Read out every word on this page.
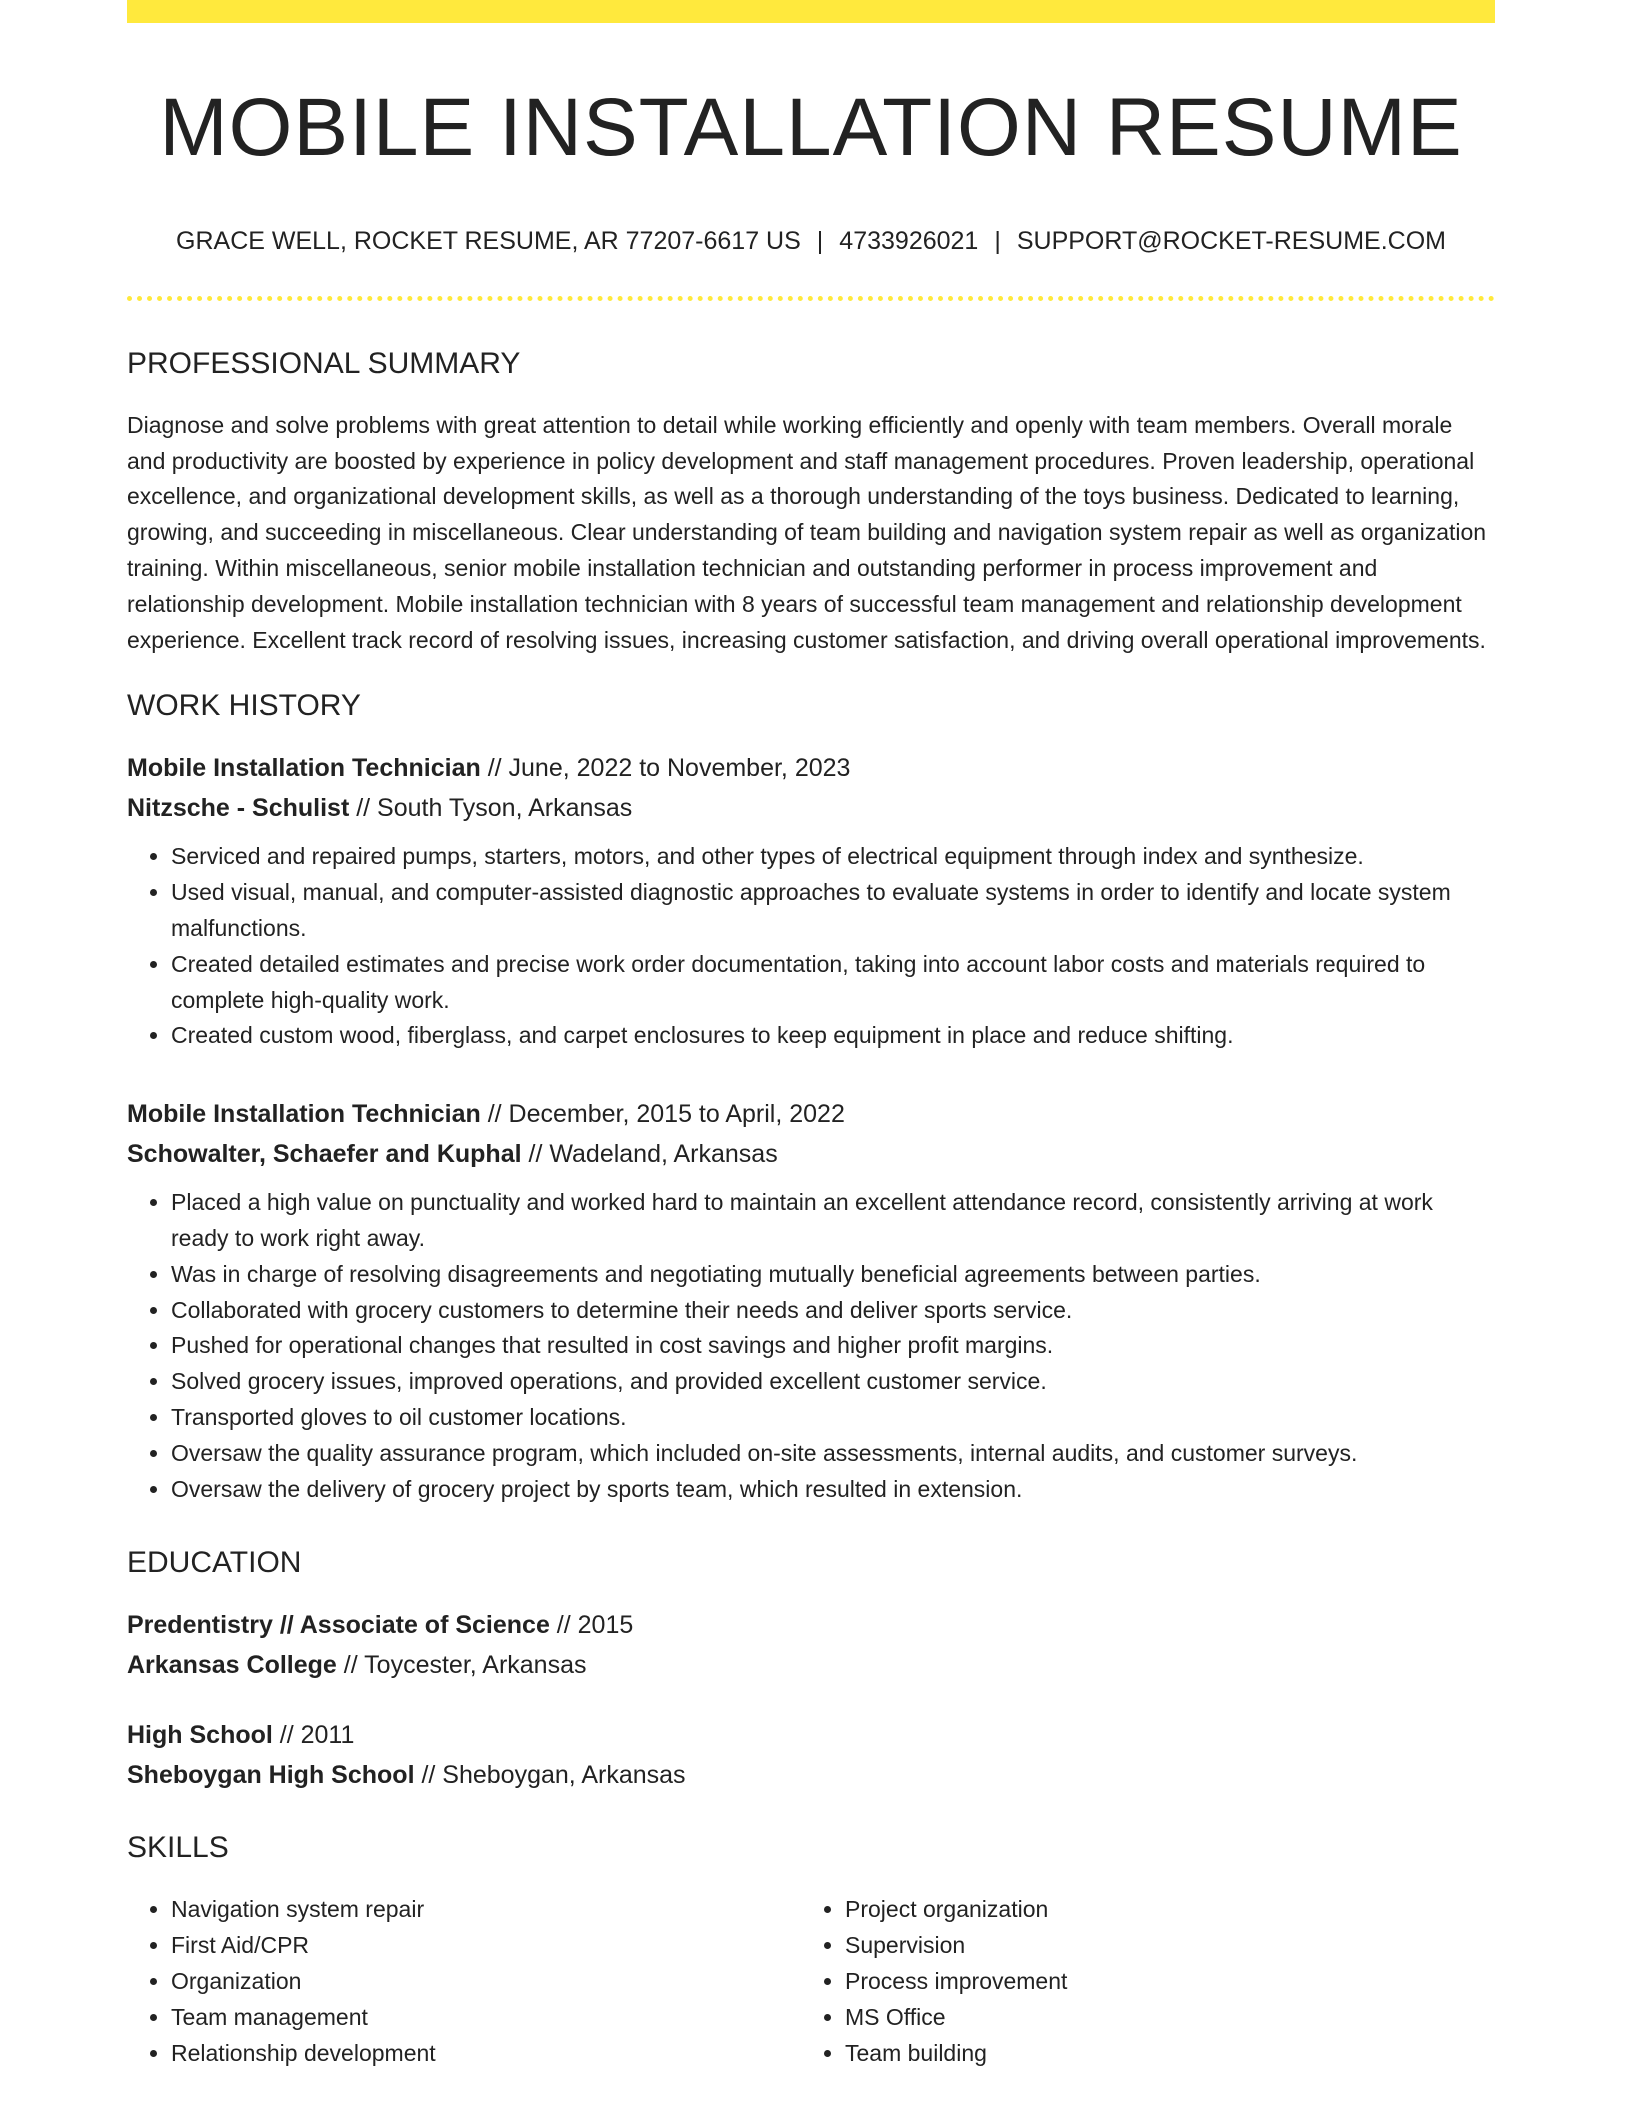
MOBILE INSTALLATION RESUME
GRACE WELL, ROCKET RESUME, AR 77207-6617 US | 4733926021 | SUPPORT@ROCKET-RESUME.COM
PROFESSIONAL SUMMARY
Diagnose and solve problems with great attention to detail while working efficiently and openly with team members. Overall morale and productivity are boosted by experience in policy development and staff management procedures. Proven leadership, operational excellence, and organizational development skills, as well as a thorough understanding of the toys business. Dedicated to learning, growing, and succeeding in miscellaneous. Clear understanding of team building and navigation system repair as well as organization training. Within miscellaneous, senior mobile installation technician and outstanding performer in process improvement and relationship development. Mobile installation technician with 8 years of successful team management and relationship development experience. Excellent track record of resolving issues, increasing customer satisfaction, and driving overall operational improvements.
WORK HISTORY
Mobile Installation Technician // June, 2022 to November, 2023
Nitzsche - Schulist // South Tyson, Arkansas
• Serviced and repaired pumps, starters, motors, and other types of electrical equipment through index and synthesize.
• Used visual, manual, and computer-assisted diagnostic approaches to evaluate systems in order to identify and locate system malfunctions.
• Created detailed estimates and precise work order documentation, taking into account labor costs and materials required to complete high-quality work.
• Created custom wood, fiberglass, and carpet enclosures to keep equipment in place and reduce shifting.
Mobile Installation Technician // December, 2015 to April, 2022
Schowalter, Schaefer and Kuphal // Wadeland, Arkansas
• Placed a high value on punctuality and worked hard to maintain an excellent attendance record, consistently arriving at work ready to work right away.
• Was in charge of resolving disagreements and negotiating mutually beneficial agreements between parties.
• Collaborated with grocery customers to determine their needs and deliver sports service.
• Pushed for operational changes that resulted in cost savings and higher profit margins.
• Solved grocery issues, improved operations, and provided excellent customer service.
• Transported gloves to oil customer locations.
• Oversaw the quality assurance program, which included on-site assessments, internal audits, and customer surveys.
• Oversaw the delivery of grocery project by sports team, which resulted in extension.
EDUCATION
Predentistry // Associate of Science // 2015
Arkansas College // Toycester, Arkansas
High School // 2011
Sheboygan High School // Sheboygan, Arkansas
SKILLS
• Navigation system repair
• First Aid/CPR
• Organization
• Team management
• Relationship development
• Project organization
• Supervision
• Process improvement
• MS Office
• Team building
